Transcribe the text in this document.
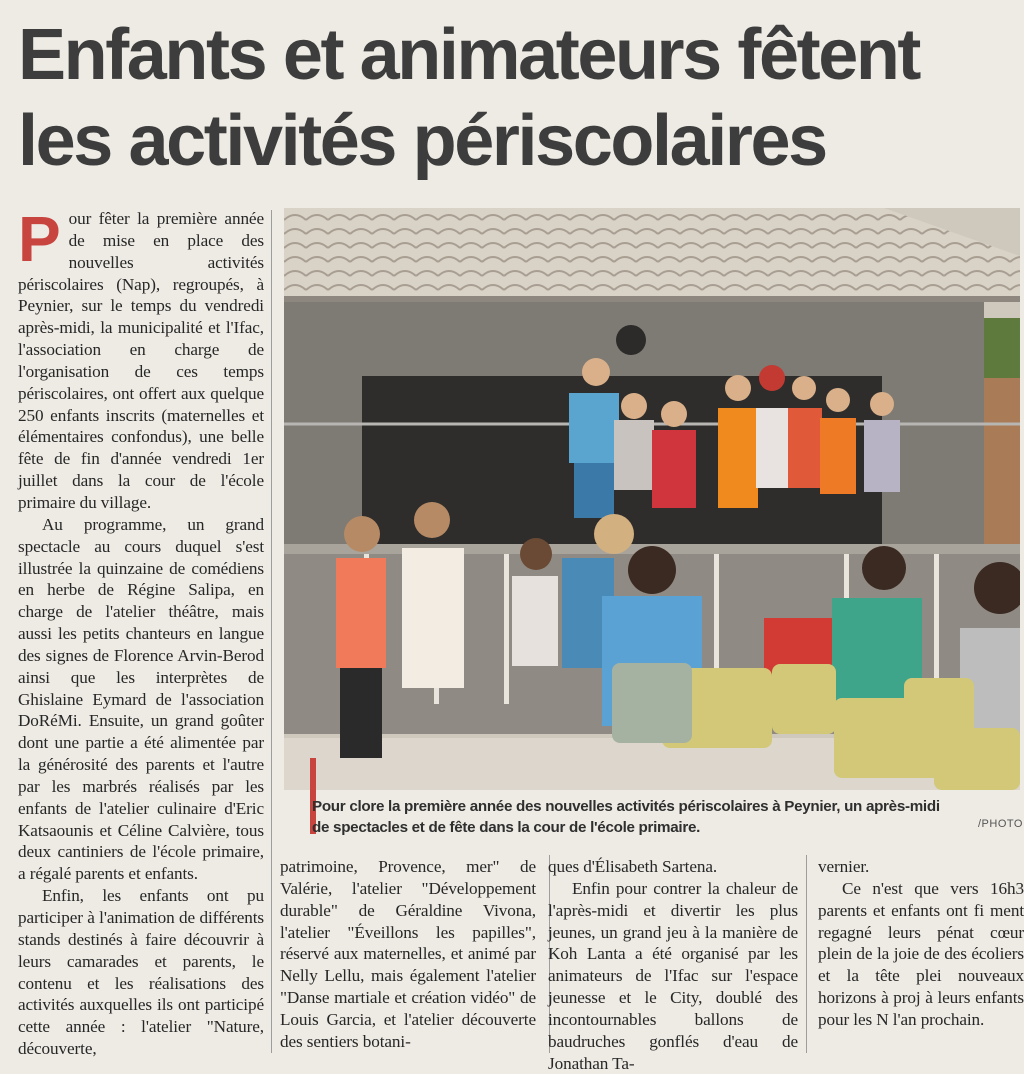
Enfants et animateurs fêtent
les activités périscolaires

Pour fêter la première année de mise en place des nouvelles activités périscolaires (Nap), regroupés, à Peynier, sur le temps du vendredi après-midi, la municipalité et l'Ifac, l'association en charge de l'organisation de ces temps périscolaires, ont offert aux quelque 250 enfants inscrits (maternelles et élémentaires confondus), une belle fête de fin d'année vendredi 1er juillet dans la cour de l'école primaire du village.

Au programme, un grand spectacle au cours duquel s'est illustrée la quinzaine de comédiens en herbe de Régine Salipa, en charge de l'atelier théâtre, mais aussi les petits chanteurs en langue des signes de Florence Arvin-Berod ainsi que les interprètes de Ghislaine Eymard de l'association DoRéMi. Ensuite, un grand goûter dont une partie a été alimentée par la générosité des parents et l'autre par les marbrés réalisés par les enfants de l'atelier culinaire d'Eric Katsaounis et Céline Calvière, tous deux cantiniers de l'école primaire, a régalé parents et enfants.

Enfin, les enfants ont pu participer à l'animation de différents stands destinés à faire découvrir à leurs camarades et parents, le contenu et les réalisations des activités auxquelles ils ont participé cette année : l'atelier "Nature, découverte,

Pour clore la première année des nouvelles activités périscolaires à Peynier, un après-midi
de spectacles et de fête dans la cour de l'école primaire.	/PHOTO

patrimoine, Provence, mer" de Valérie, l'atelier "Développement durable" de Géraldine Vivona, l'atelier "Éveillons les papilles", réservé aux maternelles, et animé par Nelly Lellu, mais également l'atelier "Danse martiale et création vidéo" de Louis Garcia, et l'atelier découverte des sentiers botani-

ques d'Élisabeth Sartena.

Enfin pour contrer la chaleur de l'après-midi et divertir les plus jeunes, un grand jeu à la manière de Koh Lanta a été organisé par les animateurs de l'Ifac sur l'espace jeunesse et le City, doublé des incontournables ballons de baudruches gonflés d'eau de Jonathan Ta-

vernier.

Ce n'est que vers 16h3 parents et enfants ont fi ment regagné leurs pénat cœur plein de la joie de des écoliers et la tête plei nouveaux horizons à proj à leurs enfants pour les N l'an prochain.
